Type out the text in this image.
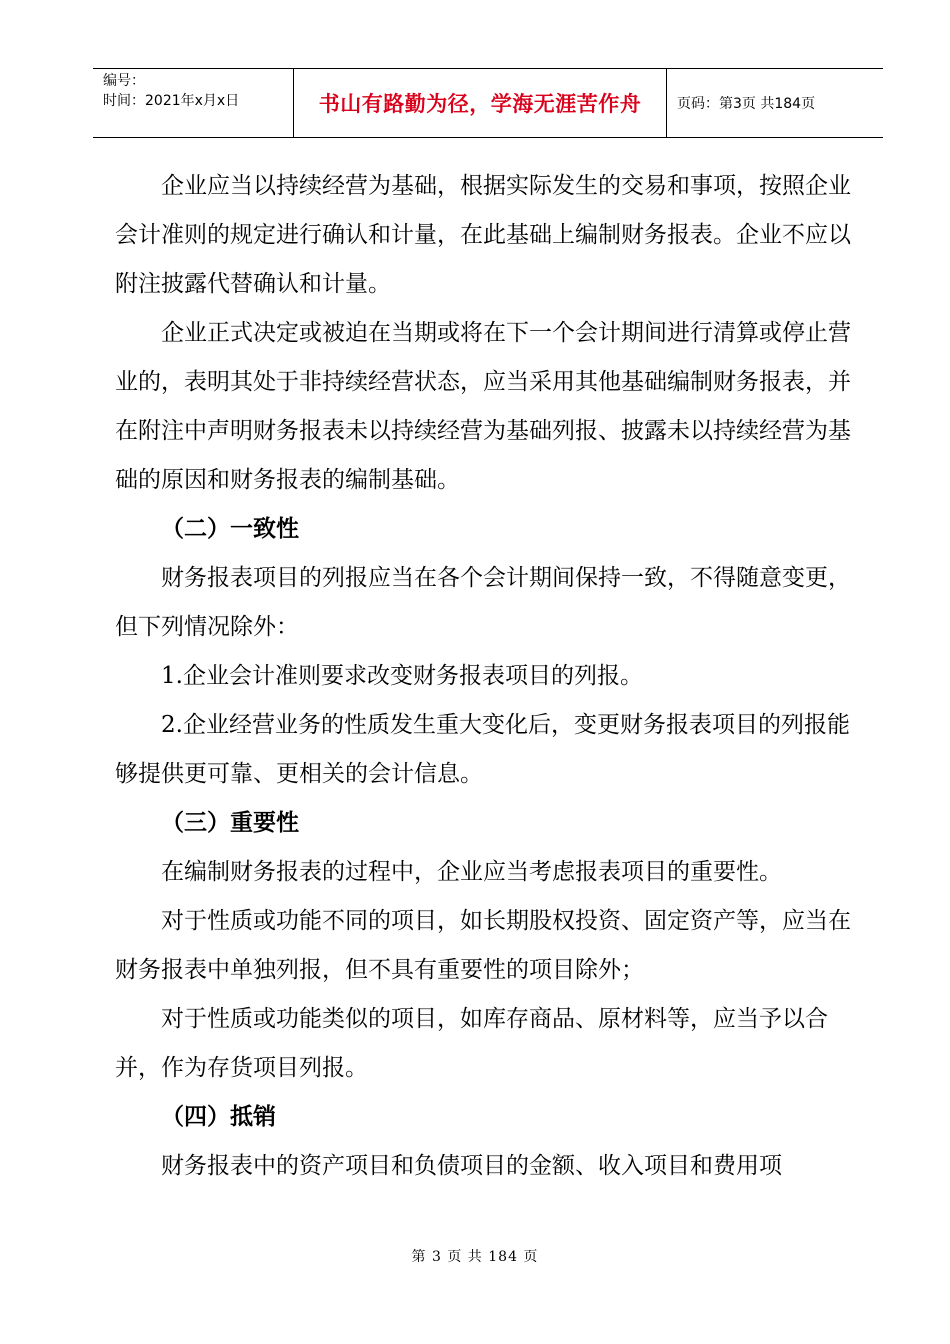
编号：
时间：2021年x月x日	书山有路勤为径，学海无涯苦作舟	页码：第3页 共184页

企业应当以持续经营为基础，根据实际发生的交易和事项，按照企业会计准则的规定进行确认和计量，在此基础上编制财务报表。企业不应以附注披露代替确认和计量。

企业正式决定或被迫在当期或将在下一个会计期间进行清算或停止营业的，表明其处于非持续经营状态，应当采用其他基础编制财务报表，并在附注中声明财务报表未以持续经营为基础列报、披露未以持续经营为基础的原因和财务报表的编制基础。

（二）一致性

财务报表项目的列报应当在各个会计期间保持一致，不得随意变更，但下列情况除外：

1.企业会计准则要求改变财务报表项目的列报。

2.企业经营业务的性质发生重大变化后，变更财务报表项目的列报能够提供更可靠、更相关的会计信息。

（三）重要性

在编制财务报表的过程中，企业应当考虑报表项目的重要性。

对于性质或功能不同的项目，如长期股权投资、固定资产等，应当在财务报表中单独列报，但不具有重要性的项目除外；

对于性质或功能类似的项目，如库存商品、原材料等，应当予以合并，作为存货项目列报。

（四）抵销

财务报表中的资产项目和负债项目的金额、收入项目和费用项

第 3 页 共 184 页
